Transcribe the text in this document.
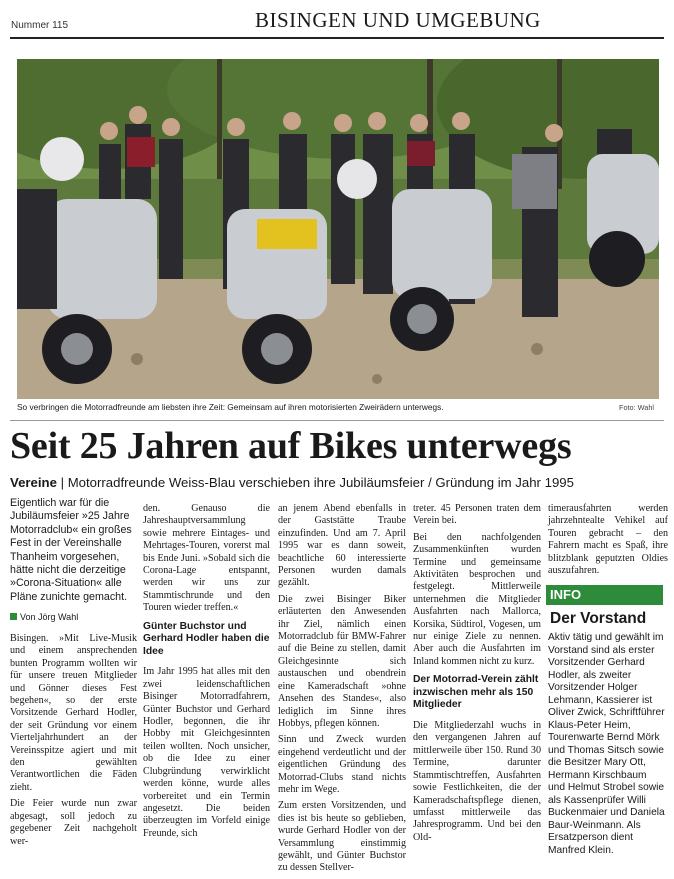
Nummer 115	BISINGEN UND UMGEBUNG
So verbringen die Motorradfreunde am liebsten ihre Zeit: Gemeinsam auf ihren motorisierten Zweirädern unterwegs.	Foto: Wahl
Seit 25 Jahren auf Bikes unterwegs
Vereine | Motorradfreunde Weiss-Blau verschieben ihre Jubiläumsfeier / Gründung im Jahr 1995
Eigentlich war für die Jubiläumsfeier »25 Jahre Motorradclub« ein großes Fest in der Vereinshalle Thanheim vorgesehen, hätte nicht die derzeitige »Corona-Situation« alle Pläne zunichte gemacht.
Von Jörg Wahl

Bisingen. »Mit Live-Musik und einem ansprechenden bunten Programm wollten wir für unsere treuen Mitglieder und Gönner dieses Fest begehen«, so der erste Vorsitzende Gerhard Hodler, der seit Gründung vor einem Vierteljahrhundert an der Vereinsspitze agiert und mit den gewählten Verantwortlichen die Fäden zieht.

Die Feier wurde nun zwar abgesagt, soll jedoch zu gegebener Zeit nachgeholt wer-

den. Genauso die Jahreshauptversammlung sowie mehrere Eintages- und Mehrtages-Touren, vorerst mal bis Ende Juni. »Sobald sich die Corona-Lage entspannt, werden wir uns zur Stammtischrunde und den Touren wieder treffen.«

Günter Buchstor und Gerhard Hodler haben die Idee

Im Jahr 1995 hat alles mit den zwei leidenschaftlichen Bisinger Motorradfahrern, Günter Buchstor und Gerhard Hodler, begonnen, die ihr Hobby mit Gleichgesinnten teilen wollten. Noch unsicher, ob die Idee zu einer Clubgründung verwirklicht werden könne, wurde alles vorbereitet und ein Termin angesetzt. Die beiden überzeugten im Vorfeld einige Freunde, sich

an jenem Abend ebenfalls in der Gaststätte Traube einzufinden. Und am 7. April 1995 war es dann soweit, beachtliche 60 interessierte Personen wurden damals gezählt.

Die zwei Bisinger Biker erläuterten den Anwesenden ihr Ziel, nämlich einen Motorradclub für BMW-Fahrer auf die Beine zu stellen, damit Gleichgesinnte sich austauschen und obendrein eine Kameradschaft »ohne Ansehen des Standes«, also lediglich im Sinne ihres Hobbys, pflegen können.

Sinn und Zweck wurden eingehend verdeutlicht und der eigentlichen Gründung des Motorrad-Clubs stand nichts mehr im Wege.

Zum ersten Vorsitzenden, und dies ist bis heute so geblieben, wurde Gerhard Hodler von der Versammlung einstimmig gewählt, und Günter Buchstor zu dessen Stellver-

treter. 45 Personen traten dem Verein bei.

Bei den nachfolgenden Zusammenkünften wurden Termine und gemeinsame Aktivitäten besprochen und festgelegt. Mittlerweile unternehmen die Mitglieder Ausfahrten nach Mallorca, Korsika, Südtirol, Vogesen, um nur einige Ziele zu nennen. Aber auch die Ausfahrten im Inland kommen nicht zu kurz.

Der Motorrad-Verein zählt inzwischen mehr als 150 Mitglieder

Die Mitgliederzahl wuchs in den vergangenen Jahren auf mittlerweile über 150. Rund 30 Termine, darunter Stammtischtreffen, Ausfahrten sowie Festlichkeiten, die der Kameradschaftspflege dienen, umfasst mittlerweile das Jahresprogramm. Und bei den Old-

timerausfahrten werden jahrzehntealte Vehikel auf Touren gebracht – den Fahrern macht es Spaß, ihre blitzblank geputzten Oldies auszufahren.

INFO
Der Vorstand
Aktiv tätig und gewählt im Vorstand sind als erster Vorsitzender Gerhard Hodler, als zweiter Vorsitzender Holger Lehmann, Kassierer ist Oliver Zwick, Schriftführer Klaus-Peter Heim, Tourenwarte Bernd Mörk und Thomas Sitsch sowie die Besitzer Mary Ott, Hermann Kirschbaum und Helmut Strobel sowie als Kassenprüfer Willi Buckenmaier und Daniela Baur-Weinmann. Als Ersatzperson dient Manfred Klein.
